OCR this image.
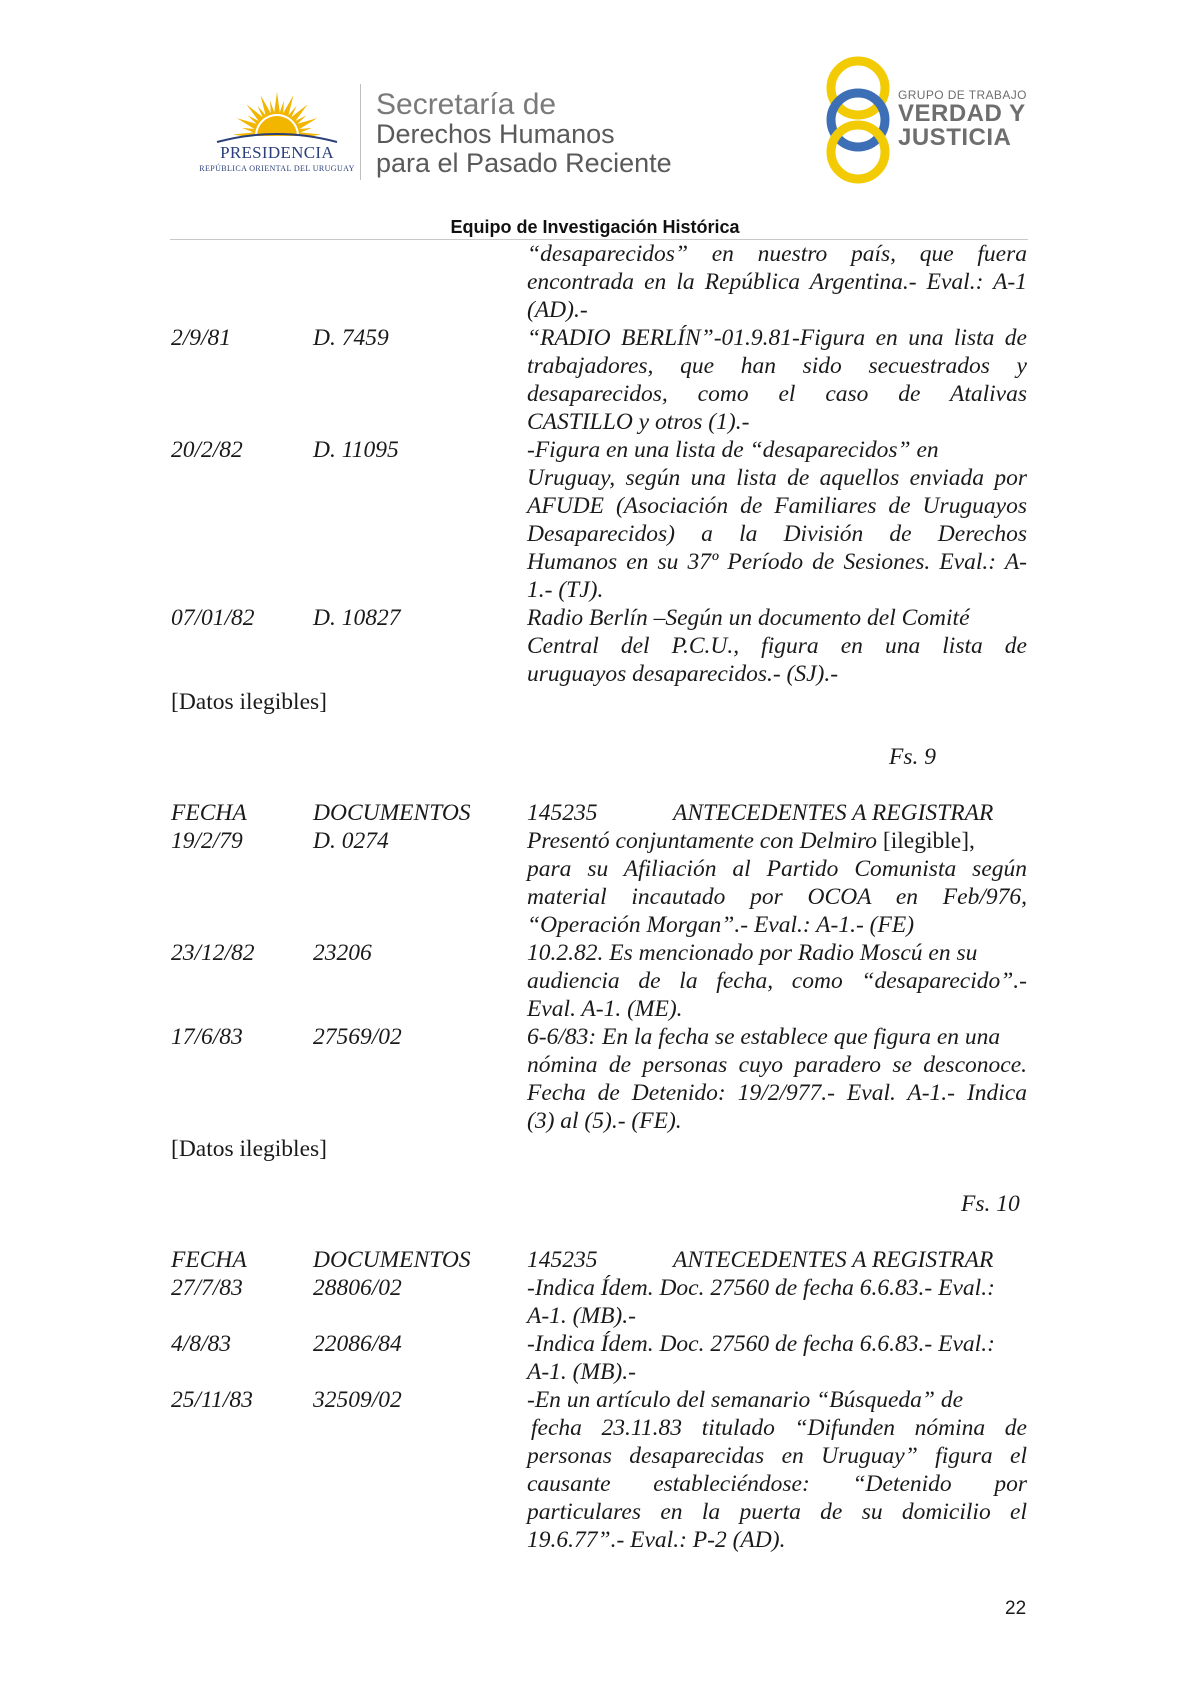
PRESIDENCIA
REPÚBLICA ORIENTAL DEL URUGUAY
Secretaría de
Derechos Humanos
para el Pasado Reciente
GRUPO DE TRABAJO
VERDAD Y
JUSTICIA
Equipo de Investigación Histórica
“desaparecidos” en nuestro país, que fuera
encontrada en la República Argentina.- Eval.: A-1
(AD).-
2/9/81	D. 7459	“RADIO BERLÍN”-01.9.81-Figura en una lista de
trabajadores, que han sido secuestrados y
desaparecidos, como el caso de Atalivas
CASTILLO y otros (1).-
20/2/82	D. 11095	-Figura en una lista de “desaparecidos” en
Uruguay, según una lista de aquellos enviada por
AFUDE (Asociación de Familiares de Uruguayos
Desaparecidos) a la División de Derechos
Humanos en su 37º Período de Sesiones. Eval.: A-
1.- (TJ).
07/01/82 D. 10827	Radio Berlín –Según un documento del Comité
Central del P.C.U., figura en una lista de
uruguayos desaparecidos.- (SJ).-
[Datos ilegibles]
Fs. 9
FECHA	DOCUMENTOS 145235	ANTECEDENTES A REGISTRAR
19/2/79	D. 0274	Presentó conjuntamente con Delmiro [ilegible],
para su Afiliación al Partido Comunista según
material incautado por OCOA en Feb/976,
“Operación Morgan”.- Eval.: A-1.- (FE)
23/12/82 23206	10.2.82. Es mencionado por Radio Moscú en su
audiencia de la fecha, como “desaparecido”.-
Eval. A-1. (ME).
17/6/83	27569/02	6-6/83: En la fecha se establece que figura en una
nómina de personas cuyo paradero se desconoce.
Fecha de Detenido: 19/2/977.- Eval. A-1.- Indica
(3) al (5).- (FE).
[Datos ilegibles]
Fs. 10
FECHA	DOCUMENTOS 145235	ANTECEDENTES A REGISTRAR
27/7/83	28806/02	-Indica Ídem. Doc. 27560 de fecha 6.6.83.- Eval.:
A-1. (MB).-
4/8/83	22086/84	-Indica Ídem. Doc. 27560 de fecha 6.6.83.- Eval.:
A-1. (MB).-
25/11/83	32509/02	-En un artículo del semanario “Búsqueda” de
fecha 23.11.83 titulado “Difunden nómina de
personas desaparecidas en Uruguay” figura el
causante estableciéndose: “Detenido por
particulares en la puerta de su domicilio el
19.6.77”.- Eval.: P-2 (AD).
22
